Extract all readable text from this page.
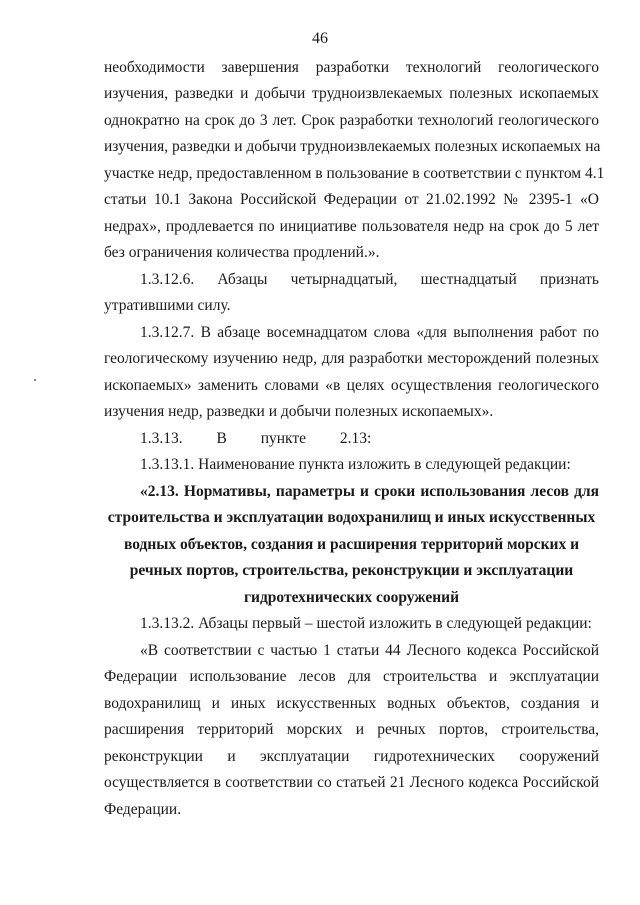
46
необходимости завершения разработки технологий геологического
изучения, разведки и добычи трудноизвлекаемых полезных ископаемых
однократно на срок до 3 лет. Срок разработки технологий геологического
изучения, разведки и добычи трудноизвлекаемых полезных ископаемых на
участке недр, предоставленном в пользование в соответствии с пунктом 4.1
статьи 10.1 Закона Российской Федерации от 21.02.1992 № 2395-1 «О
недрах», продлевается по инициативе пользователя недр на срок до 5 лет
без ограничения количества продлений.».
1.3.12.6. Абзацы четырнадцатый, шестнадцатый признать
утратившими силу.
1.3.12.7. В абзаце восемнадцатом слова «для выполнения работ по
геологическому изучению недр, для разработки месторождений полезных
ископаемых» заменить словами «в целях осуществления геологического
изучения недр, разведки и добычи полезных ископаемых».
1.3.13. В пункте 2.13:
1.3.13.1. Наименование пункта изложить в следующей редакции:
«2.13. Нормативы, параметры и сроки использования лесов для
строительства и эксплуатации водохранилищ и иных искусственных
водных объектов, создания и расширения территорий морских и
речных портов, строительства, реконструкции и эксплуатации
гидротехнических сооружений
1.3.13.2. Абзацы первый – шестой изложить в следующей редакции:
«В соответствии с частью 1 статьи 44 Лесного кодекса Российской
Федерации использование лесов для строительства и эксплуатации
водохранилищ и иных искусственных водных объектов, создания и
расширения территорий морских и речных портов, строительства,
реконструкции и эксплуатации гидротехнических сооружений
осуществляется в соответствии со статьей 21 Лесного кодекса Российской
Федерации.
